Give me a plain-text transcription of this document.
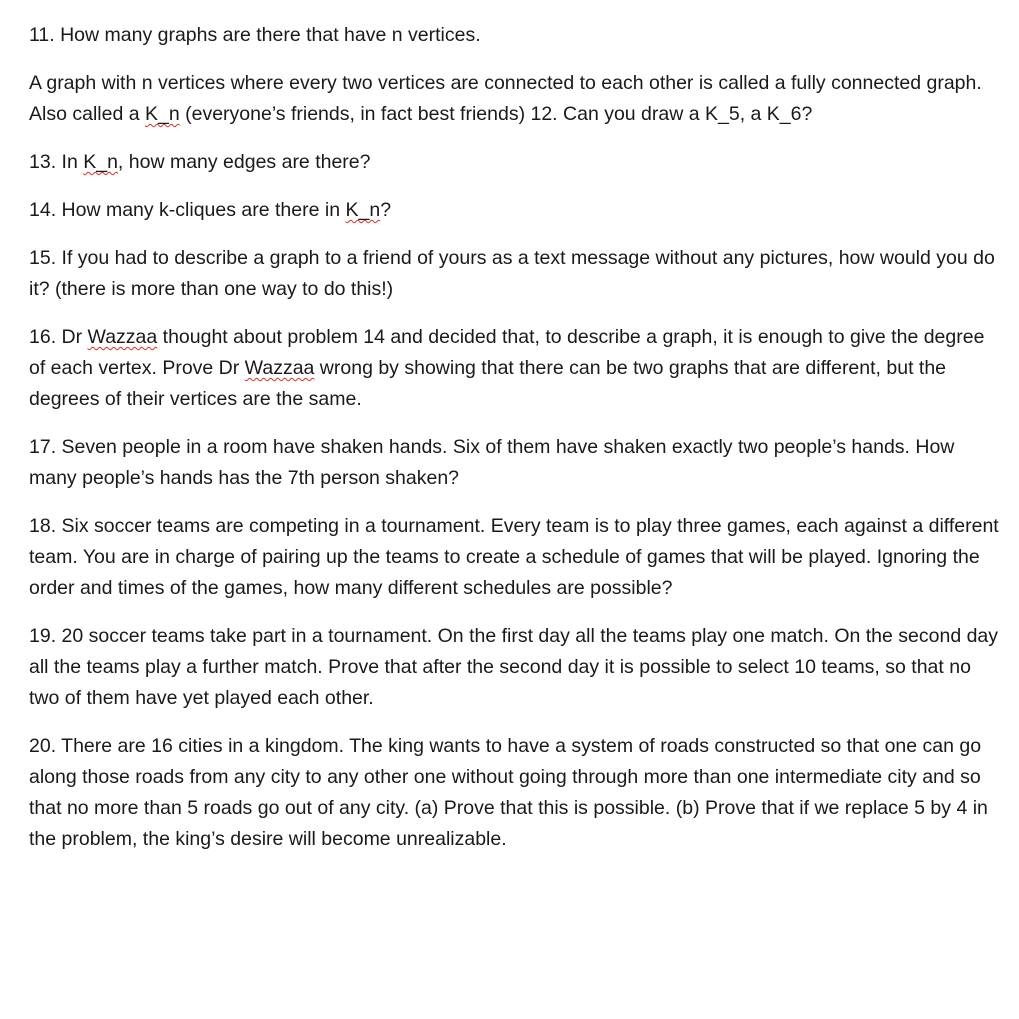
11. How many graphs are there that have n vertices.

A graph with n vertices where every two vertices are connected to each other is called a fully connected graph. Also called a K_n (everyone’s friends, in fact best friends) 12. Can you draw a K_5, a K_6?

13. In K_n, how many edges are there?

14. How many k-cliques are there in K_n?

15. If you had to describe a graph to a friend of yours as a text message without any pictures, how would you do it? (there is more than one way to do this!)

16. Dr Wazzaa thought about problem 14 and decided that, to describe a graph, it is enough to give the degree of each vertex. Prove Dr Wazzaa wrong by showing that there can be two graphs that are different, but the degrees of their vertices are the same.

17. Seven people in a room have shaken hands. Six of them have shaken exactly two people’s hands. How many people’s hands has the 7th person shaken?

18. Six soccer teams are competing in a tournament. Every team is to play three games, each against a different team. You are in charge of pairing up the teams to create a schedule of games that will be played. Ignoring the order and times of the games, how many different schedules are possible?

19. 20 soccer teams take part in a tournament. On the first day all the teams play one match. On the second day all the teams play a further match. Prove that after the second day it is possible to select 10 teams, so that no two of them have yet played each other.

20. There are 16 cities in a kingdom. The king wants to have a system of roads constructed so that one can go along those roads from any city to any other one without going through more than one intermediate city and so that no more than 5 roads go out of any city. (a) Prove that this is possible. (b) Prove that if we replace 5 by 4 in the problem, the king’s desire will become unrealizable.
